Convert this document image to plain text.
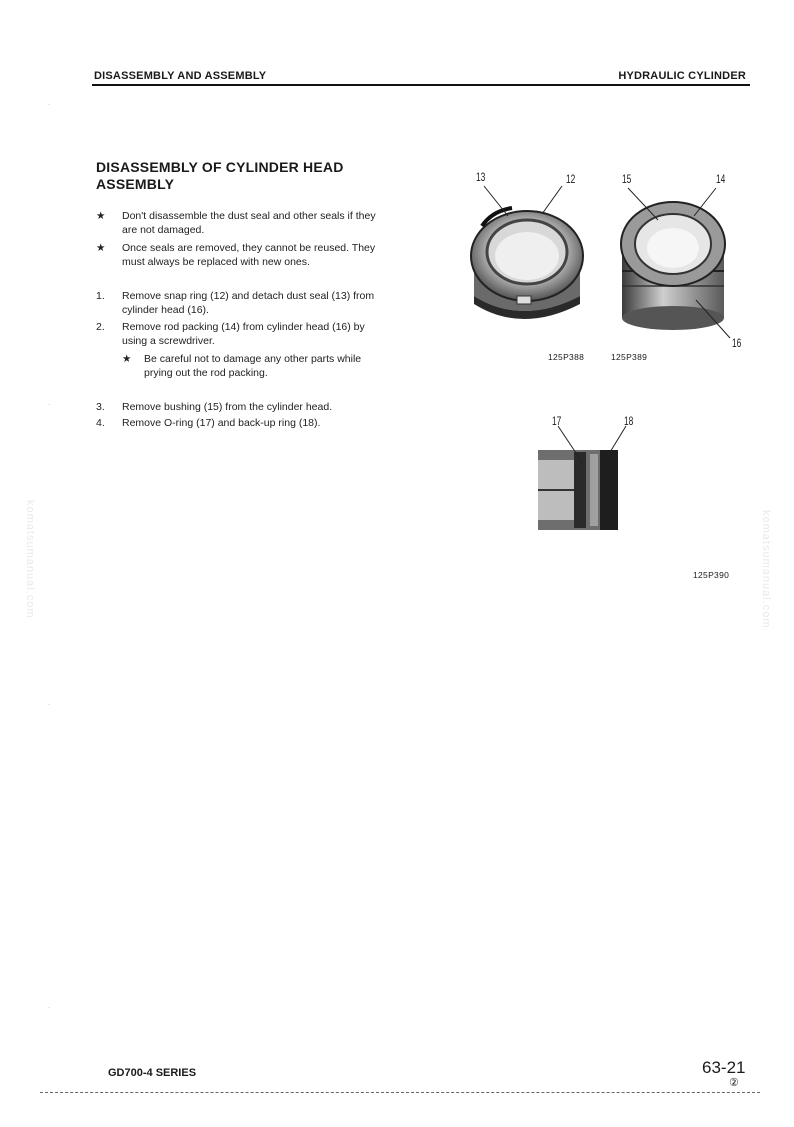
DISASSEMBLY AND ASSEMBLY	HYDRAULIC CYLINDER
·
·
·
·
komatsumanual.com	komatsumanual.com
DISASSEMBLY OF CYLINDER HEAD
ASSEMBLY
★	Don't disassemble the dust seal and other seals if they
are not damaged.
★	Once seals are removed, they cannot be reused. They
must always be replaced with new ones.
1.	Remove snap ring (12) and detach dust seal (13) from
cylinder head (16).
2.	Remove rod packing (14) from cylinder head (16) by
using a screwdriver.
★	Be careful not to damage any other parts while
prying out the rod packing.
3.	Remove bushing (15) from the cylinder head.
4.	Remove O-ring (17) and back-up ring (18).
13	12	15	14
16
125P388	125P389
17	18
125P390
GD700-4 SERIES	63-21
②
